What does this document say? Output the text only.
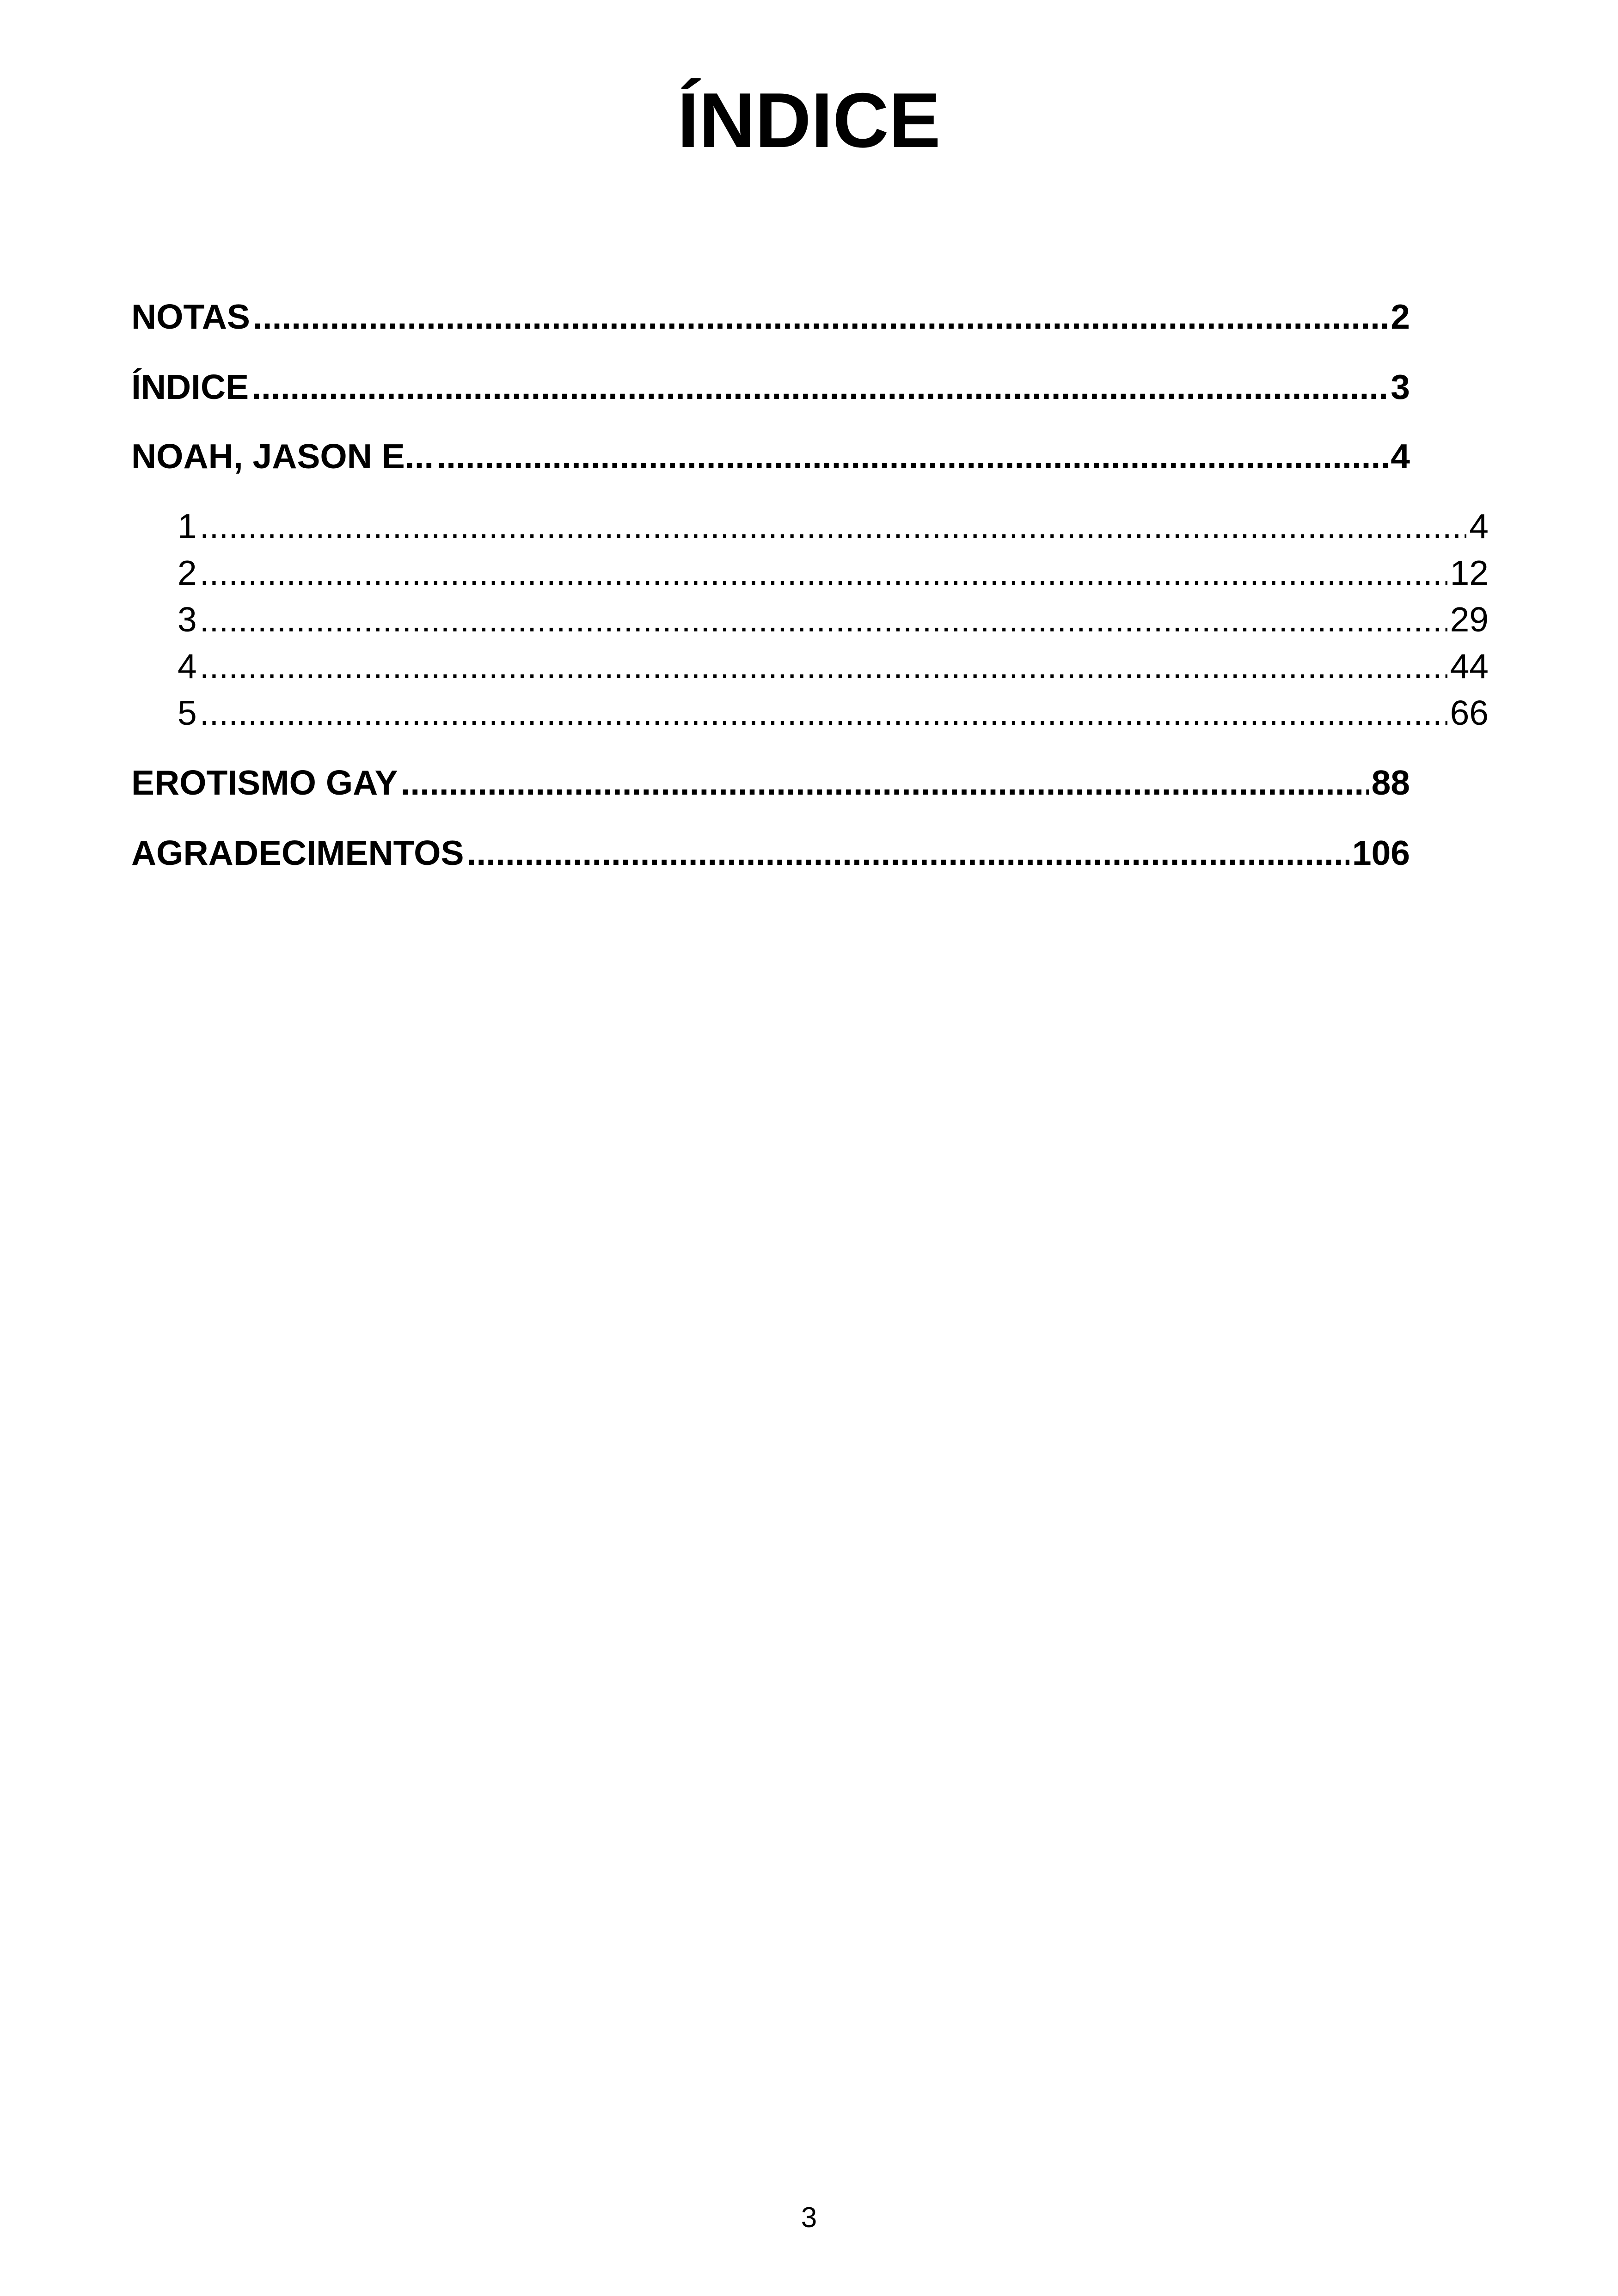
ÍNDICE
NOTAS .....	2
ÍNDICE .....	3
NOAH, JASON E... .....	4
1 .....	4
2 .....	12
3 .....	29
4 .....	44
5 .....	66
EROTISMO GAY .....	88
AGRADECIMENTOS .....	106
3
